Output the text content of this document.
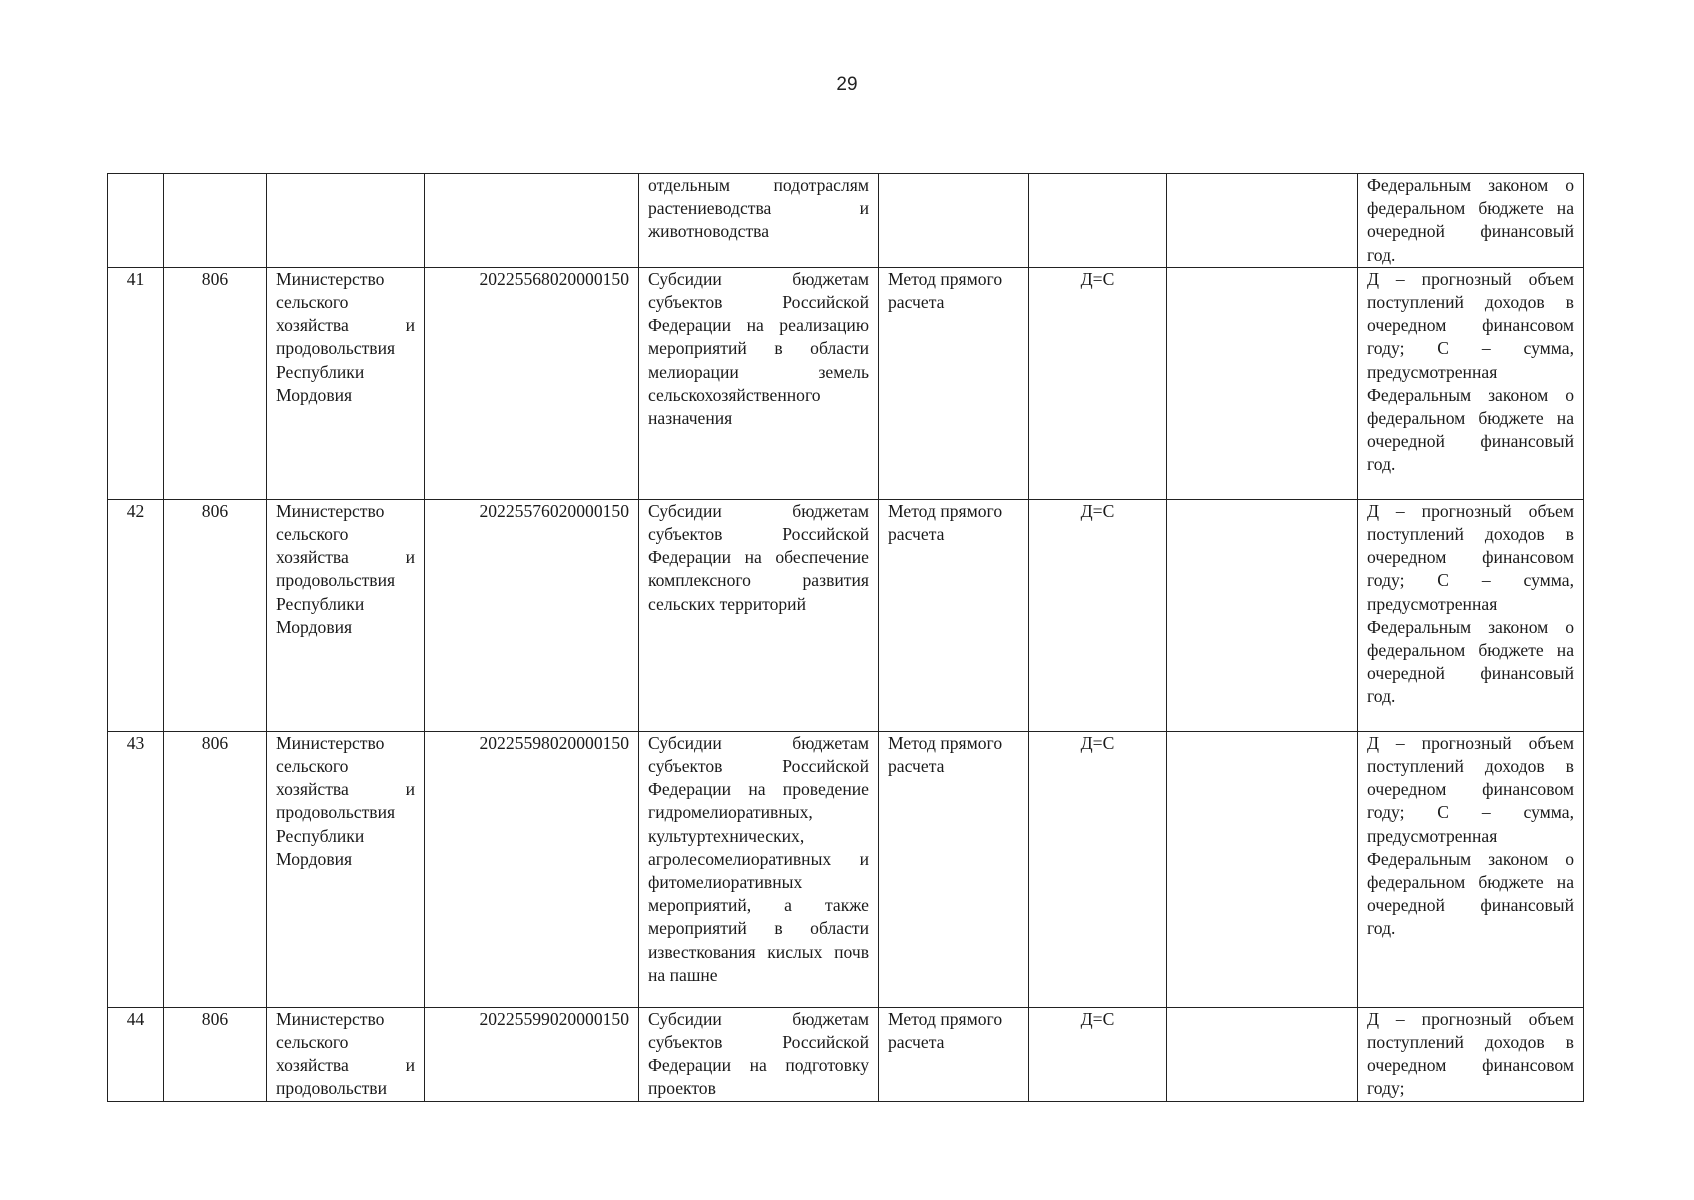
29
				отдельным подотраслям растениеводства и животноводства				Федеральным законом о федеральном бюджете на очередной финансовый год.
41	806	Министерство сельского хозяйства и продовольствия Республики Мордовия	20225568020000150	Субсидии бюджетам субъектов Российской Федерации на реализацию мероприятий в области мелиорации земель сельскохозяйственного назначения	Метод прямого расчета	Д=С		Д – прогнозный объем поступлений доходов в очередном финансовом году; С – сумма, предусмотренная Федеральным законом о федеральном бюджете на очередной финансовый год.
42	806	Министерство сельского хозяйства и продовольствия Республики Мордовия	20225576020000150	Субсидии бюджетам субъектов Российской Федерации на обеспечение комплексного развития сельских территорий	Метод прямого расчета	Д=С		Д – прогнозный объем поступлений доходов в очередном финансовом году; С – сумма, предусмотренная Федеральным законом о федеральном бюджете на очередной финансовый год.
43	806	Министерство сельского хозяйства и продовольствия Республики Мордовия	20225598020000150	Субсидии бюджетам субъектов Российской Федерации на проведение гидромелиоративных, культуртехнических, агролесомелиоративных и фитомелиоративных мероприятий, а также мероприятий в области известкования кислых почв на пашне	Метод прямого расчета	Д=С		Д – прогнозный объем поступлений доходов в очередном финансовом году; С – сумма, предусмотренная Федеральным законом о федеральном бюджете на очередной финансовый год.
44	806	Министерство сельского хозяйства и продовольстви	20225599020000150	Субсидии бюджетам субъектов Российской Федерации на подготовку проектов	Метод прямого расчета	Д=С		Д – прогнозный объем поступлений доходов в очередном финансовом году;
